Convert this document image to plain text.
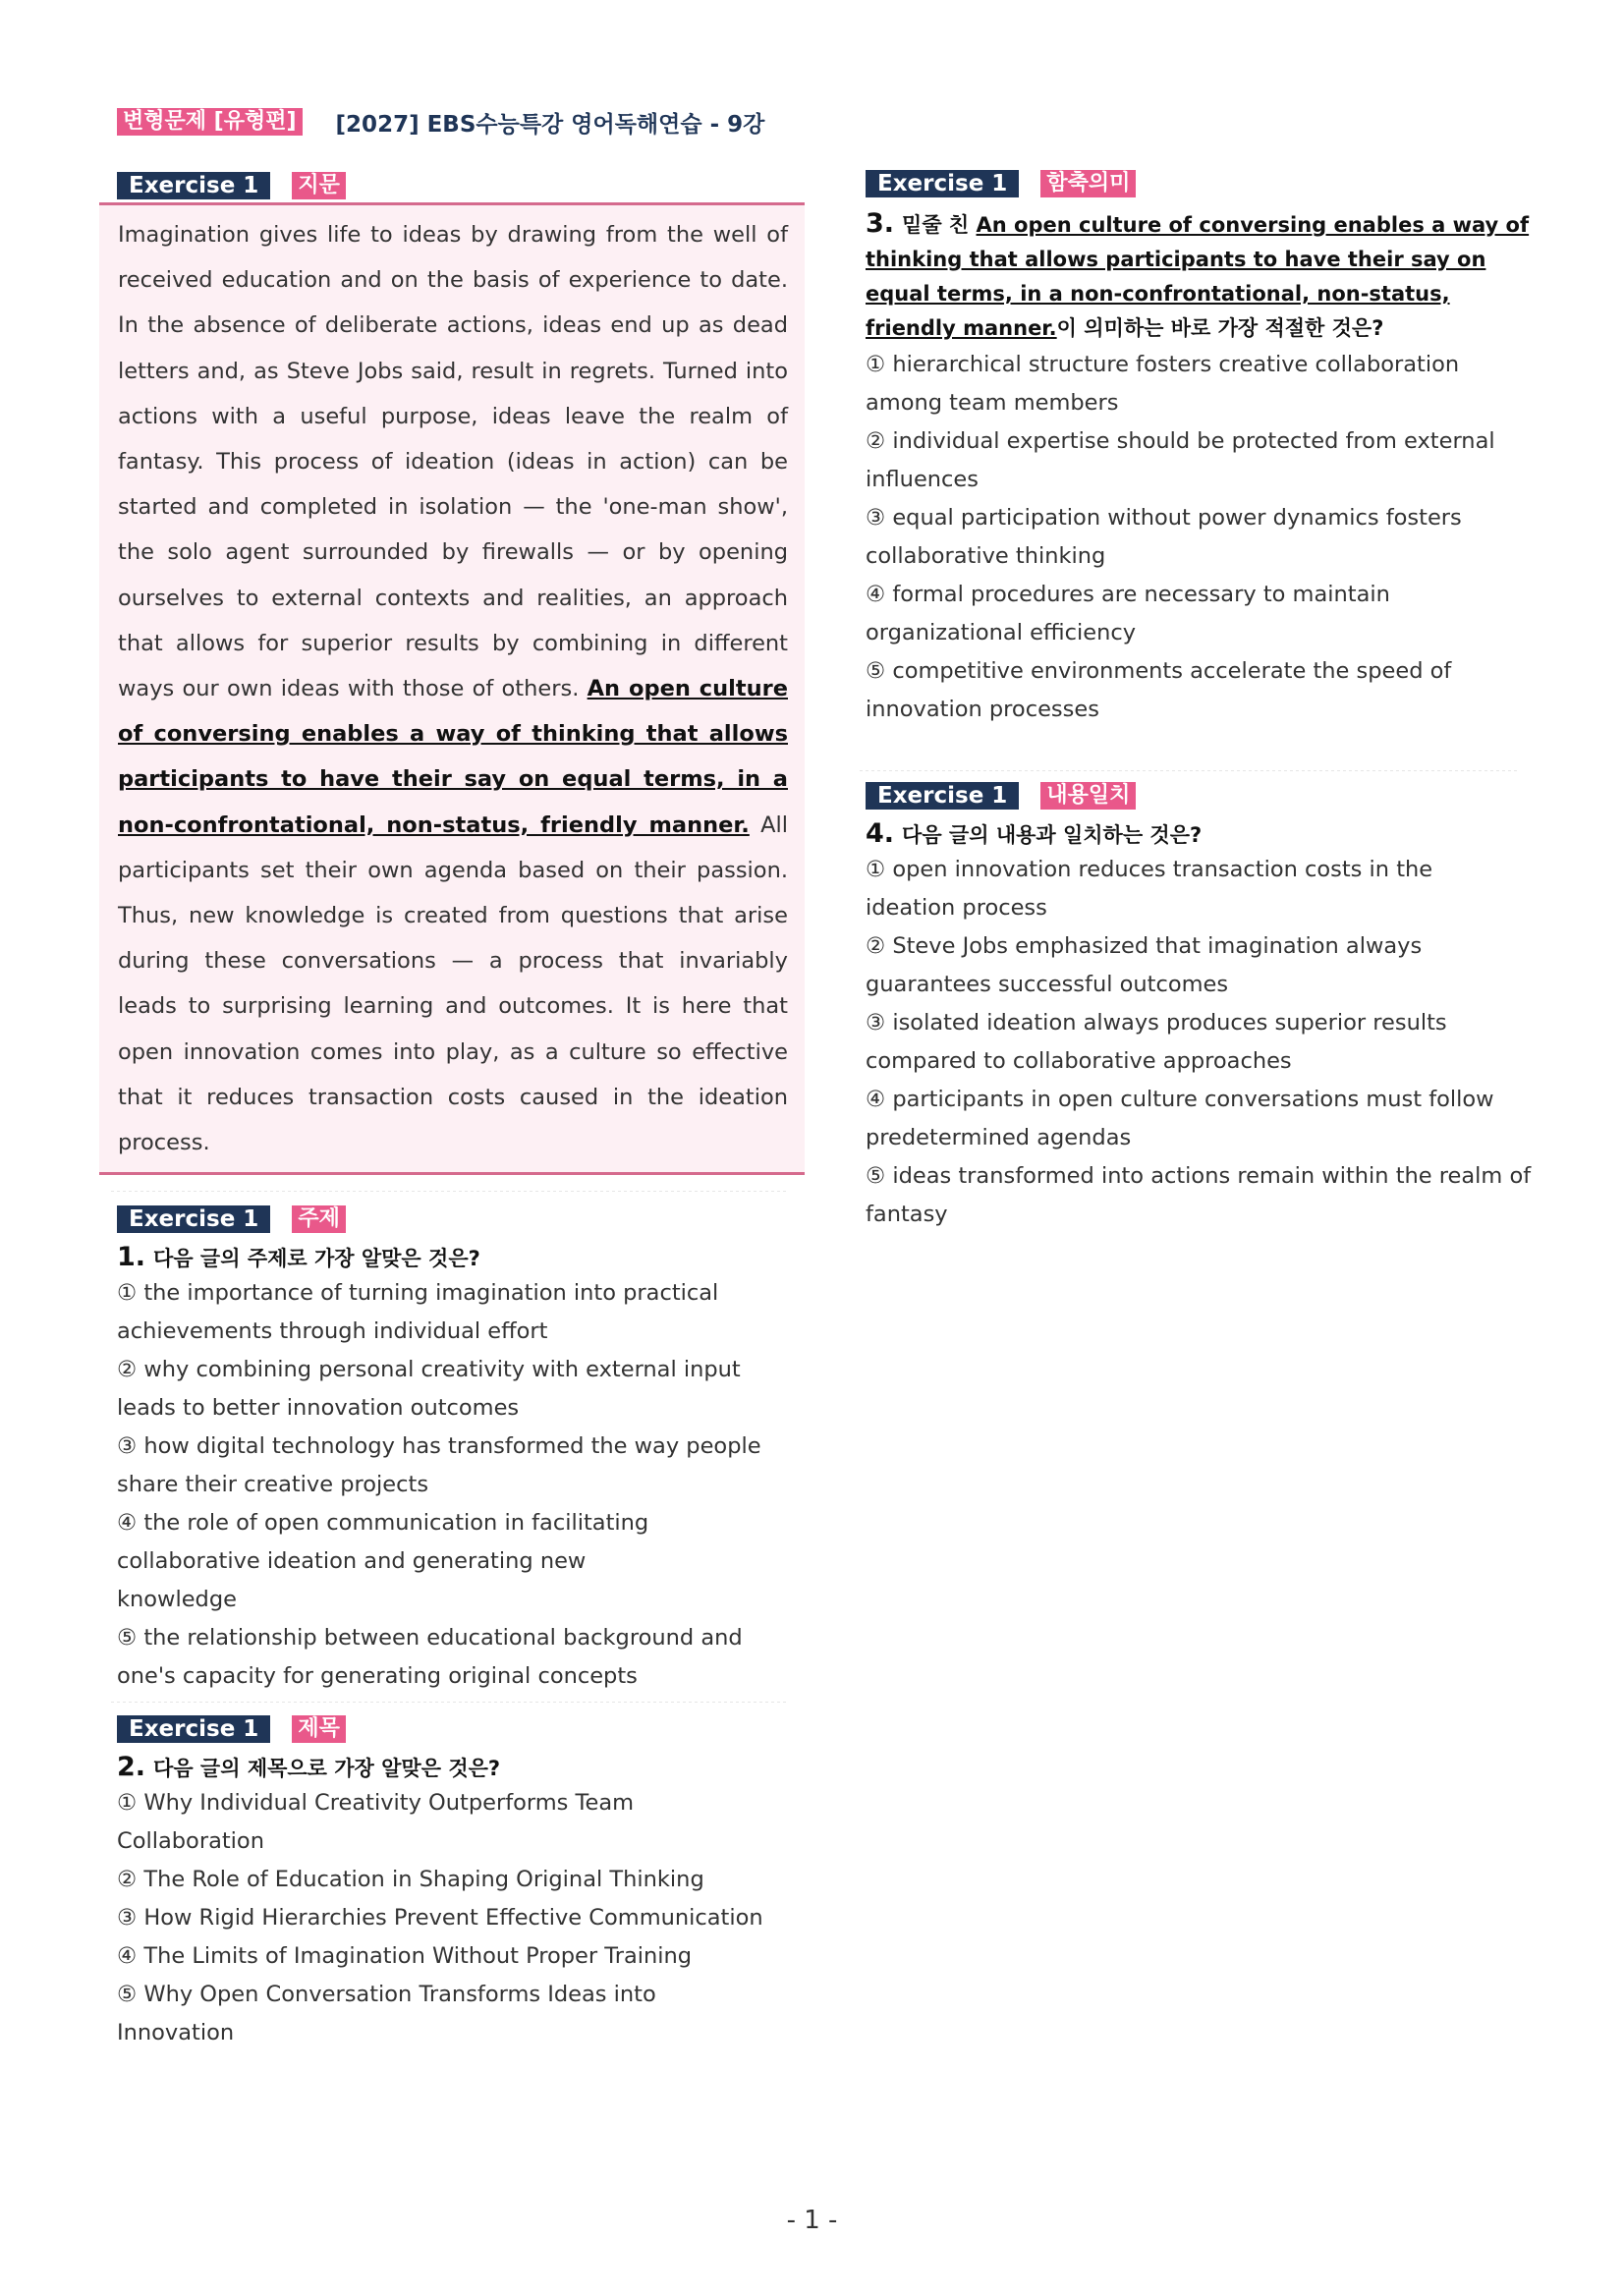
변형문제 [유형편] [2027] EBS수능특강 영어독해연습 - 9강
Exercise 1	지문

Imagination gives life to ideas by drawing from the well of received education and on the basis of experience to date. In the absence of deliberate actions, ideas end up as dead letters and, as Steve Jobs said, result in regrets. Turned into actions with a useful purpose, ideas leave the realm of fantasy. This process of ideation (ideas in action) can be started and completed in isolation — the 'one-man show', the solo agent surrounded by firewalls — or by opening ourselves to external contexts and realities, an approach that allows for superior results by combining in different ways our own ideas with those of others. An open culture of conversing enables a way of thinking that allows participants to have their say on equal terms, in a non-confrontational, non-status, friendly manner. All participants set their own agenda based on their passion. Thus, new knowledge is created from questions that arise during these conversations — a process that invariably leads to surprising learning and outcomes. It is here that open innovation comes into play, as a culture so effective that it reduces transaction costs caused in the ideation process.

Exercise 1	주제
1. 다음 글의 주제로 가장 알맞은 것은?
① the importance of turning imagination into practical achievements through individual effort
② why combining personal creativity with external input leads to better innovation outcomes
③ how digital technology has transformed the way people share their creative projects
④ the role of open communication in facilitating collaborative ideation and generating new knowledge
⑤ the relationship between educational background and one's capacity for generating original concepts
Exercise 1	제목
2. 다음 글의 제목으로 가장 알맞은 것은?
① Why Individual Creativity Outperforms Team Collaboration
② The Role of Education in Shaping Original Thinking
③ How Rigid Hierarchies Prevent Effective Communication
④ The Limits of Imagination Without Proper Training
⑤ Why Open Conversation Transforms Ideas into Innovation
Exercise 1	함축의미
3. 밑줄 친 An open culture of conversing enables a way of thinking that allows participants to have their say on equal terms, in a non-confrontational, non-status, friendly manner.이 의미하는 바로 가장 적절한 것은?
① hierarchical structure fosters creative collaboration among team members
② individual expertise should be protected from external influences
③ equal participation without power dynamics fosters collaborative thinking
④ formal procedures are necessary to maintain organizational efficiency
⑤ competitive environments accelerate the speed of innovation processes
Exercise 1	내용일치
4. 다음 글의 내용과 일치하는 것은?
① open innovation reduces transaction costs in the ideation process
② Steve Jobs emphasized that imagination always guarantees successful outcomes
③ isolated ideation always produces superior results compared to collaborative approaches
④ participants in open culture conversations must follow predetermined agendas
⑤ ideas transformed into actions remain within the realm of fantasy
- 1 -
